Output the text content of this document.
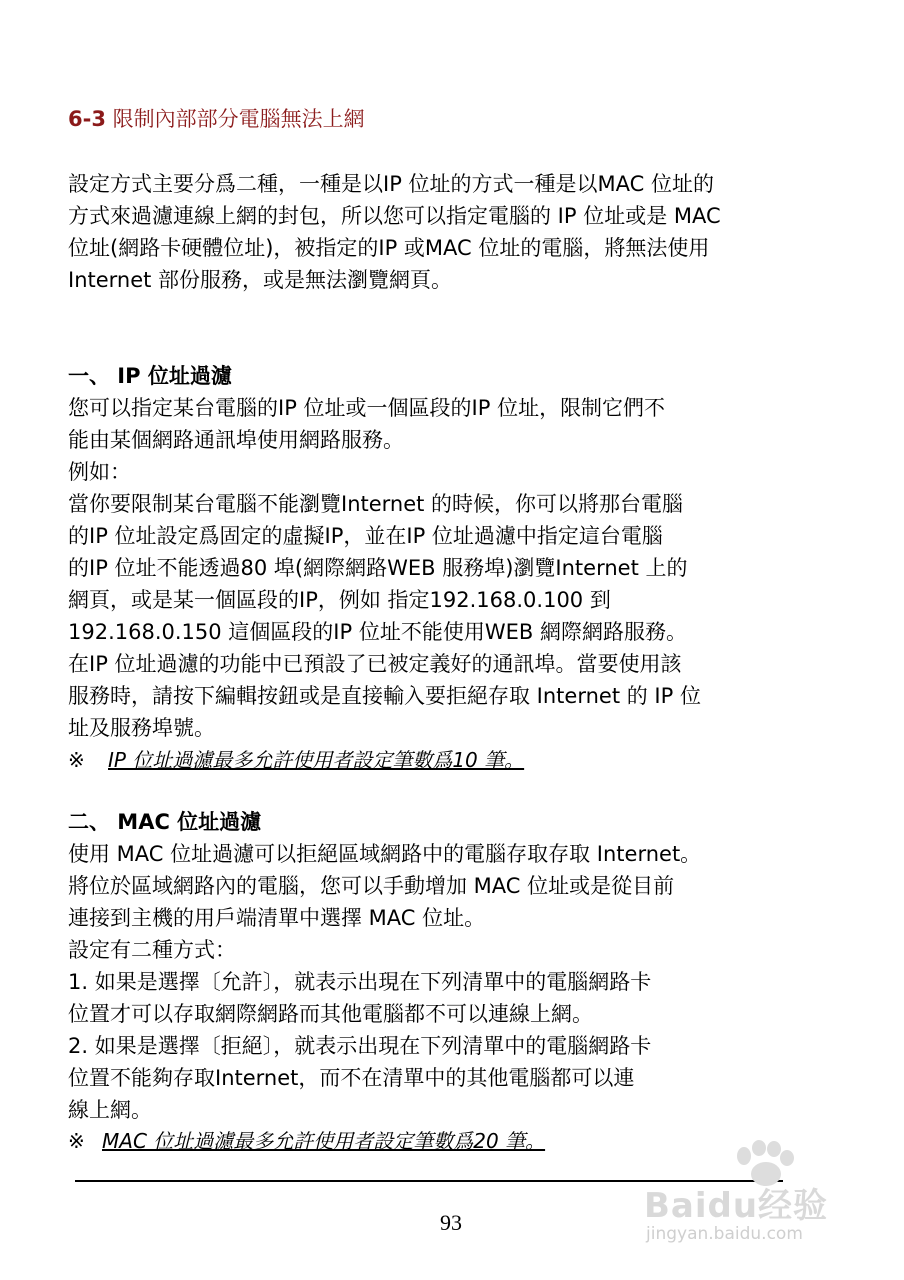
6-3 限制內部部分電腦無法上網
設定方式主要分爲二種，一種是以IP 位址的方式一種是以MAC 位址的
方式來過濾連線上網的封包，所以您可以指定電腦的 IP 位址或是 MAC
位址(網路卡硬體位址)，被指定的IP 或MAC 位址的電腦，將無法使用
Internet 部份服務，或是無法瀏覽網頁。
一、 IP 位址過濾
您可以指定某台電腦的IP 位址或一個區段的IP 位址，限制它們不
能由某個網路通訊埠使用網路服務。
例如：
當你要限制某台電腦不能瀏覽Internet 的時候，你可以將那台電腦
的IP 位址設定爲固定的虛擬IP，並在IP 位址過濾中指定這台電腦
的IP 位址不能透過80 埠(網際網路WEB 服務埠)瀏覽Internet 上的
網頁，或是某一個區段的IP，例如 指定192.168.0.100 到
192.168.0.150 這個區段的IP 位址不能使用WEB 網際網路服務。
在IP 位址過濾的功能中已預設了已被定義好的通訊埠。當要使用該
服務時，請按下編輯按鈕或是直接輸入要拒絕存取 Internet 的 IP 位
址及服務埠號。
※ IP 位址過濾最多允許使用者設定筆數爲10 筆。
二、 MAC 位址過濾
使用 MAC 位址過濾可以拒絕區域網路中的電腦存取存取 Internet。
將位於區域網路內的電腦，您可以手動增加 MAC 位址或是從目前
連接到主機的用戶端清單中選擇 MAC 位址。
設定有二種方式：
1. 如果是選擇〔允許〕，就表示出現在下列清單中的電腦網路卡
位置才可以存取網際網路而其他電腦都不可以連線上網。
2. 如果是選擇〔拒絕〕，就表示出現在下列清單中的電腦網路卡
位置不能夠存取Internet，而不在清單中的其他電腦都可以連
線上網。
※ MAC 位址過濾最多允許使用者設定筆數爲20 筆。
93	Baidu经验
jingyan.baidu.com
